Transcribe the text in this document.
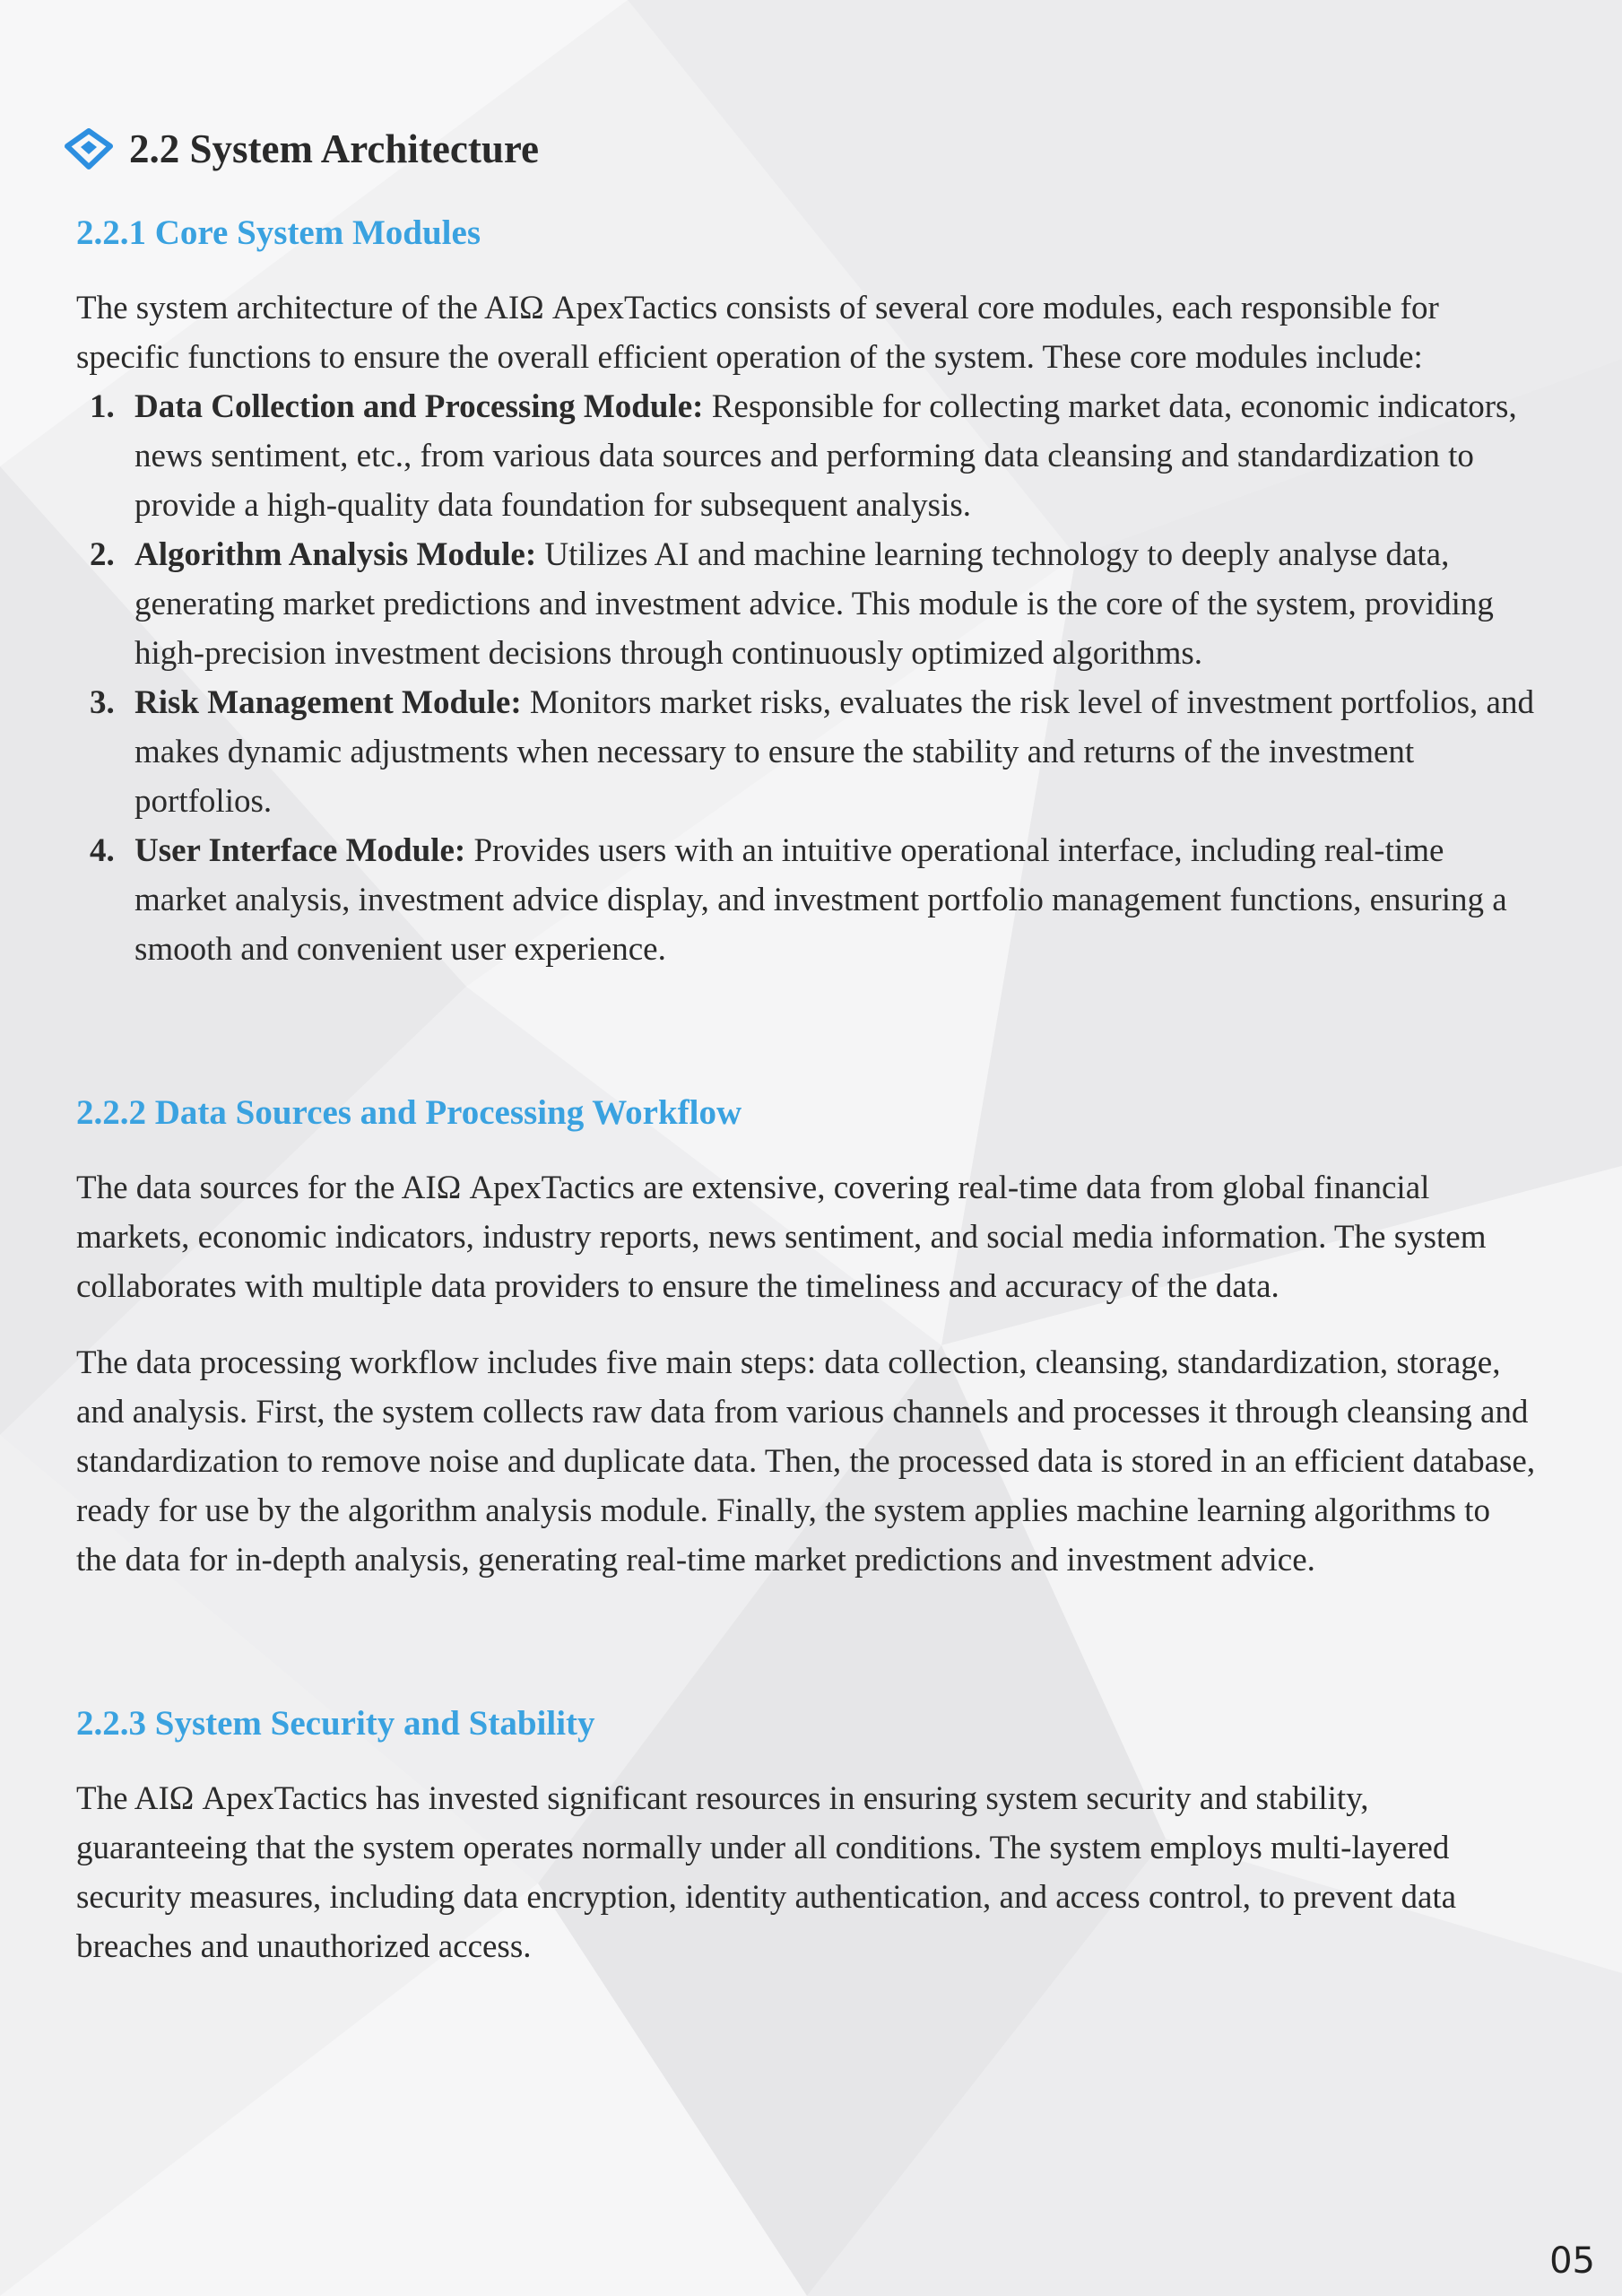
2.2 System Architecture
2.2.1 Core System Modules

The system architecture of the AIΩ ApexTactics consists of several core modules, each responsible for specific functions to ensure the overall efficient operation of the system. These core modules include:

1. Data Collection and Processing Module: Responsible for collecting market data, economic indicators, news sentiment, etc., from various data sources and performing data cleansing and standardization to provide a high-quality data foundation for subsequent analysis.
2. Algorithm Analysis Module: Utilizes AI and machine learning technology to deeply analyse data, generating market predictions and investment advice. This module is the core of the system, providing high-precision investment decisions through continuously optimized algorithms.
3. Risk Management Module: Monitors market risks, evaluates the risk level of investment portfolios, and makes dynamic adjustments when necessary to ensure the stability and returns of the investment portfolios.
4. User Interface Module: Provides users with an intuitive operational interface, including real-time market analysis, investment advice display, and investment portfolio management functions, ensuring a smooth and convenient user experience.
2.2.2 Data Sources and Processing Workflow

The data sources for the AIΩ ApexTactics are extensive, covering real-time data from global financial markets, economic indicators, industry reports, news sentiment, and social media information. The system collaborates with multiple data providers to ensure the timeliness and accuracy of the data.

The data processing workflow includes five main steps: data collection, cleansing, standardization, storage, and analysis. First, the system collects raw data from various channels and processes it through cleansing and standardization to remove noise and duplicate data. Then, the processed data is stored in an efficient database, ready for use by the algorithm analysis module. Finally, the system applies machine learning algorithms to the data for in-depth analysis, generating real-time market predictions and investment advice.

2.2.3 System Security and Stability

The AIΩ ApexTactics has invested significant resources in ensuring system security and stability, guaranteeing that the system operates normally under all conditions. The system employs multi-layered security measures, including data encryption, identity authentication, and access control, to prevent data breaches and unauthorized access.

05
